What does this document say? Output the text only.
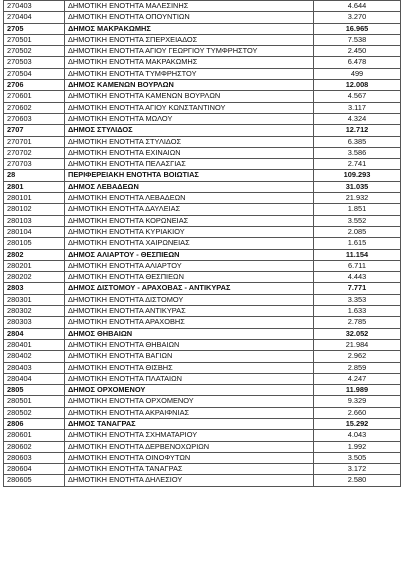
270403	ΔΗΜΟΤΙΚΗ ΕΝΟΤΗΤΑ ΜΑΛΕΣΙΝΗΣ	4.644
270404	ΔΗΜΟΤΙΚΗ ΕΝΟΤΗΤΑ ΟΠΟΥΝΤΙΩΝ	3.270
2705	ΔΗΜΟΣ ΜΑΚΡΑΚΩΜΗΣ	16.965
270501	ΔΗΜΟΤΙΚΗ ΕΝΟΤΗΤΑ ΣΠΕΡΧΕΙΑΔΟΣ	7.538
270502	ΔΗΜΟΤΙΚΗ ΕΝΟΤΗΤΑ ΑΓΙΟΥ ΓΕΩΡΓΙΟΥ ΤΥΜΦΡΗΣΤΟΥ	2.450
270503	ΔΗΜΟΤΙΚΗ ΕΝΟΤΗΤΑ ΜΑΚΡΑΚΩΜΗΣ	6.478
270504	ΔΗΜΟΤΙΚΗ ΕΝΟΤΗΤΑ ΤΥΜΦΡΗΣΤΟΥ	499
2706	ΔΗΜΟΣ ΚΑΜΕΝΩΝ ΒΟΥΡΛΩΝ	12.008
270601	ΔΗΜΟΤΙΚΗ ΕΝΟΤΗΤΑ ΚΑΜΕΝΩΝ ΒΟΥΡΛΩΝ	4.567
270602	ΔΗΜΟΤΙΚΗ ΕΝΟΤΗΤΑ ΑΓΙΟΥ ΚΩΝΣΤΑΝΤΙΝΟΥ	3.117
270603	ΔΗΜΟΤΙΚΗ ΕΝΟΤΗΤΑ ΜΩΛΟΥ	4.324
2707	ΔΗΜΟΣ ΣΤΥΛΙΔΟΣ	12.712
270701	ΔΗΜΟΤΙΚΗ ΕΝΟΤΗΤΑ ΣΤΥΛΙΔΟΣ	6.385
270702	ΔΗΜΟΤΙΚΗ ΕΝΟΤΗΤΑ ΕΧΙΝΑΙΩΝ	3.586
270703	ΔΗΜΟΤΙΚΗ ΕΝΟΤΗΤΑ ΠΕΛΑΣΓΙΑΣ	2.741
28	ΠΕΡΙΦΕΡΕΙΑΚΗ ΕΝΟΤΗΤΑ ΒΟΙΩΤΙΑΣ	109.293
2801	ΔΗΜΟΣ ΛΕΒΑΔΕΩΝ	31.035
280101	ΔΗΜΟΤΙΚΗ ΕΝΟΤΗΤΑ ΛΕΒΑΔΕΩΝ	21.932
280102	ΔΗΜΟΤΙΚΗ ΕΝΟΤΗΤΑ ΔΑΥΛΕΙΑΣ	1.851
280103	ΔΗΜΟΤΙΚΗ ΕΝΟΤΗΤΑ ΚΟΡΩΝΕΙΑΣ	3.552
280104	ΔΗΜΟΤΙΚΗ ΕΝΟΤΗΤΑ ΚΥΡΙΑΚΙΟΥ	2.085
280105	ΔΗΜΟΤΙΚΗ ΕΝΟΤΗΤΑ ΧΑΙΡΩΝΕΙΑΣ	1.615
2802	ΔΗΜΟΣ ΑΛΙΑΡΤΟΥ - ΘΕΣΠΙΕΩΝ	11.154
280201	ΔΗΜΟΤΙΚΗ ΕΝΟΤΗΤΑ ΑΛΙΑΡΤΟΥ	6.711
280202	ΔΗΜΟΤΙΚΗ ΕΝΟΤΗΤΑ ΘΕΣΠΙΕΩΝ	4.443
2803	ΔΗΜΟΣ ΔΙΣΤΟΜΟΥ - ΑΡΑΧΟΒΑΣ - ΑΝΤΙΚΥΡΑΣ	7.771
280301	ΔΗΜΟΤΙΚΗ ΕΝΟΤΗΤΑ ΔΙΣΤΟΜΟΥ	3.353
280302	ΔΗΜΟΤΙΚΗ ΕΝΟΤΗΤΑ ΑΝΤΙΚΥΡΑΣ	1.633
280303	ΔΗΜΟΤΙΚΗ ΕΝΟΤΗΤΑ ΑΡΑΧΟΒΗΣ	2.785
2804	ΔΗΜΟΣ ΘΗΒΑΙΩΝ	32.052
280401	ΔΗΜΟΤΙΚΗ ΕΝΟΤΗΤΑ ΘΗΒΑΙΩΝ	21.984
280402	ΔΗΜΟΤΙΚΗ ΕΝΟΤΗΤΑ ΒΑΓΙΩΝ	2.962
280403	ΔΗΜΟΤΙΚΗ ΕΝΟΤΗΤΑ ΘΙΣΒΗΣ	2.859
280404	ΔΗΜΟΤΙΚΗ ΕΝΟΤΗΤΑ ΠΛΑΤΑΙΩΝ	4.247
2805	ΔΗΜΟΣ ΟΡΧΟΜΕΝΟΥ	11.989
280501	ΔΗΜΟΤΙΚΗ ΕΝΟΤΗΤΑ ΟΡΧΟΜΕΝΟΥ	9.329
280502	ΔΗΜΟΤΙΚΗ ΕΝΟΤΗΤΑ ΑΚΡΑΙΦΝΙΑΣ	2.660
2806	ΔΗΜΟΣ ΤΑΝΑΓΡΑΣ	15.292
280601	ΔΗΜΟΤΙΚΗ ΕΝΟΤΗΤΑ ΣΧΗΜΑΤΑΡΙΟΥ	4.043
280602	ΔΗΜΟΤΙΚΗ ΕΝΟΤΗΤΑ ΔΕΡΒΕΝΟΧΩΡΙΩΝ	1.992
280603	ΔΗΜΟΤΙΚΗ ΕΝΟΤΗΤΑ ΟΙΝΟΦΥΤΩΝ	3.505
280604	ΔΗΜΟΤΙΚΗ ΕΝΟΤΗΤΑ ΤΑΝΑΓΡΑΣ	3.172
280605	ΔΗΜΟΤΙΚΗ ΕΝΟΤΗΤΑ ΔΗΛΕΣΙΟΥ	2.580
